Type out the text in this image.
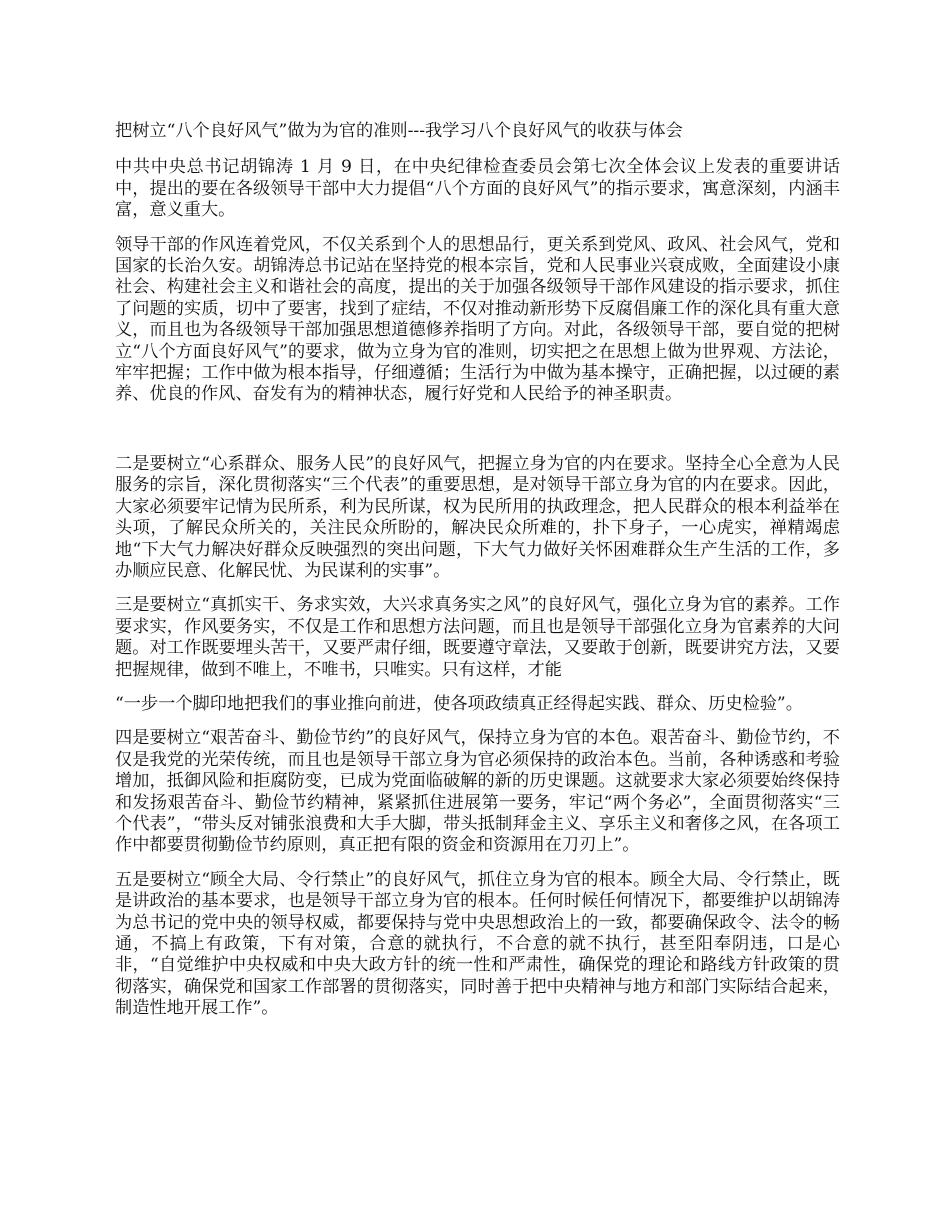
把树立“八个良好风气”做为为官的准则---我学习八个良好风气的收获与体会

中共中央总书记胡锦涛 1 月 9 日，在中央纪律检查委员会第七次全体会议上发表的重要讲话中，提出的要在各级领导干部中大力提倡“八个方面的良好风气”的指示要求，寓意深刻，内涵丰富，意义重大。

领导干部的作风连着党风，不仅关系到个人的思想品行，更关系到党风、政风、社会风气，党和国家的长治久安。胡锦涛总书记站在坚持党的根本宗旨，党和人民事业兴衰成败，全面建设小康社会、构建社会主义和谐社会的高度，提出的关于加强各级领导干部作风建设的指示要求，抓住了问题的实质，切中了要害，找到了症结，不仅对推动新形势下反腐倡廉工作的深化具有重大意义，而且也为各级领导干部加强思想道德修养指明了方向。对此，各级领导干部，要自觉的把树立“八个方面良好风气”的要求，做为立身为官的准则，切实把之在思想上做为世界观、方法论，牢牢把握；工作中做为根本指导，仔细遵循；生活行为中做为基本操守，正确把握，以过硬的素养、优良的作风、奋发有为的精神状态，履行好党和人民给予的神圣职责。

二是要树立“心系群众、服务人民”的良好风气，把握立身为官的内在要求。坚持全心全意为人民服务的宗旨，深化贯彻落实“三个代表”的重要思想，是对领导干部立身为官的内在要求。因此，大家必须要牢记情为民所系，利为民所谋，权为民所用的执政理念，把人民群众的根本利益举在头项，了解民众所关的，关注民众所盼的，解决民众所难的，扑下身子，一心虎实，禅精竭虑地“下大气力解决好群众反映强烈的突出问题，下大气力做好关怀困难群众生产生活的工作，多办顺应民意、化解民忧、为民谋利的实事”。

三是要树立“真抓实干、务求实效，大兴求真务实之风”的良好风气，强化立身为官的素养。工作要求实，作风要务实，不仅是工作和思想方法问题，而且也是领导干部强化立身为官素养的大问题。对工作既要埋头苦干，又要严肃仔细，既要遵守章法，又要敢于创新，既要讲究方法，又要把握规律，做到不唯上，不唯书，只唯实。只有这样，才能

“一步一个脚印地把我们的事业推向前进，使各项政绩真正经得起实践、群众、历史检验”。

四是要树立“艰苦奋斗、勤俭节约”的良好风气，保持立身为官的本色。艰苦奋斗、勤俭节约，不仅是我党的光荣传统，而且也是领导干部立身为官必须保持的政治本色。当前，各种诱惑和考验增加，抵御风险和拒腐防变，已成为党面临破解的新的历史课题。这就要求大家必须要始终保持和发扬艰苦奋斗、勤俭节约精神，紧紧抓住进展第一要务，牢记“两个务必”，全面贯彻落实“三个代表”，“带头反对铺张浪费和大手大脚，带头抵制拜金主义、享乐主义和奢侈之风，在各项工作中都要贯彻勤俭节约原则，真正把有限的资金和资源用在刀刃上”。

五是要树立“顾全大局、令行禁止”的良好风气，抓住立身为官的根本。顾全大局、令行禁止，既是讲政治的基本要求，也是领导干部立身为官的根本。任何时候任何情况下，都要维护以胡锦涛为总书记的党中央的领导权威，都要保持与党中央思想政治上的一致，都要确保政令、法令的畅通，不搞上有政策，下有对策，合意的就执行，不合意的就不执行，甚至阳奉阴违，口是心非，“自觉维护中央权威和中央大政方针的统一性和严肃性，确保党的理论和路线方针政策的贯彻落实，确保党和国家工作部署的贯彻落实，同时善于把中央精神与地方和部门实际结合起来，制造性地开展工作”。
